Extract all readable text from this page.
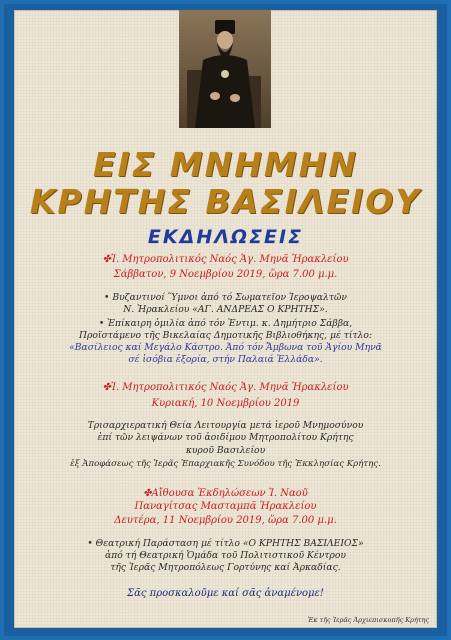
ΕΙΣ ΜΝΗΜΗΝ
ΚΡΗΤΗΣ ΒΑΣΙΛΕΙΟΥ
ΕΚΔΗΛΩΣΕΙΣ
✤Ἱ. Μητροπολιτικός Ναός Ἁγ. Μηνᾶ Ἡρακλείου
Σάββατον, 9 Νοεμβρίου 2019, ὥρα 7.00 μ.μ.
• Βυζαντινοί Ὕμνοι ἀπό τό Σωματεῖον Ἱεροψαλτῶν
Ν. Ἡρακλείου «ΑΓ. ΑΝΔΡΕΑΣ Ο ΚΡΗΤΗΣ».
• Ἐπίκαιρη ὁμιλία ἀπό τόν Ἐντιμ. κ. Δημήτριο Σάββα,
Προϊστάμενο τῆς Βικελαίας Δημοτικῆς Βιβλιοθήκης, μέ τίτλο:
«Βασίλειος καί Μεγάλο Κάστρο. Ἀπό τόν Ἄμβωνα τοῦ Ἁγίου Μηνᾶ
σέ ἰσόβια ἐξορία, στήν Παλαιά Ἑλλάδα».
✤Ἱ. Μητροπολιτικός Ναός Ἁγ. Μηνᾶ Ἡρακλείου
Κυριακή, 10 Νοεμβρίου 2019
Τρισαρχιερατική Θεία Λειτουργία μετά ἱεροῦ Μνημοσύνου
ἐπί τῶν λειψάνων τοῦ ἀοιδίμου Μητροπολίτου Κρήτης
κυροῦ Βασιλείου
ἐξ Ἀποφάσεως τῆς Ἱερᾶς Ἐπαρχιακῆς Συνόδου τῆς Ἐκκλησίας Κρήτης.
✤Αἴθουσα Ἐκδηλώσεων Ἱ. Ναοῦ
Παναγίτσας Μασταμπᾶ Ἡρακλείου
Δευτέρα, 11 Νοεμβρίου 2019, ὥρα 7.00 μ.μ.
• Θεατρική Παράσταση μέ τίτλο «Ο ΚΡΗΤΗΣ ΒΑΣΙΛΕΙΟΣ»
ἀπό τή Θεατρική Ὁμάδα τοῦ Πολιτιστικοῦ Κέντρου
τῆς Ἱερᾶς Μητροπόλεως Γορτύνης καί Ἀρκαδίας.
Σᾶς προσκαλοῦμε καί σᾶς ἀναμένομε!
Ἐκ τῆς Ἱερᾶς Ἀρχιεπισκοπῆς Κρήτης
